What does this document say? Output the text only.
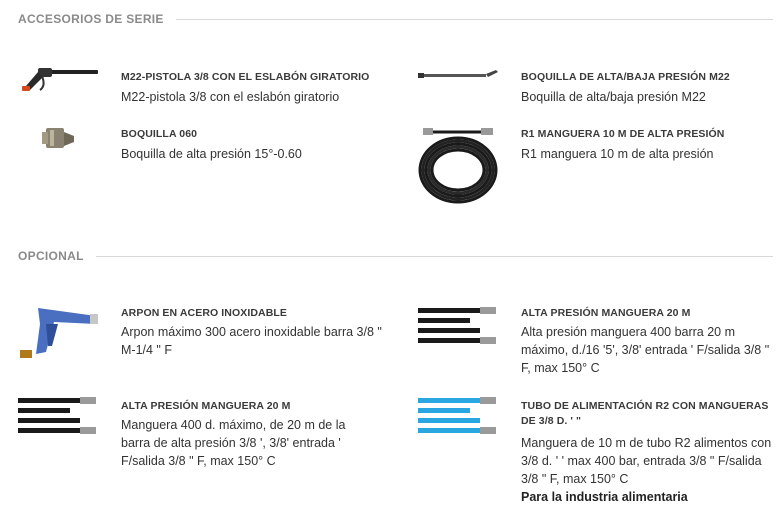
ACCESORIOS DE SERIE
OPCIONAL
M22-PISTOLA 3/8 CON EL ESLABÓN GIRATORIO
M22-pistola 3/8 con el eslabón giratorio
BOQUILLA DE ALTA/BAJA PRESIÓN M22
Boquilla de alta/baja presión M22
BOQUILLA 060
Boquilla de alta presión 15°-0.60
R1 MANGUERA 10 M DE ALTA PRESIÓN
R1 manguera 10 m de alta presión
ARPON EN ACERO INOXIDABLE
Arpon máximo 300 acero inoxidable barra 3/8 " M-1/4 " F
ALTA PRESIÓN MANGUERA 20 M
Alta presión manguera 400 barra 20 m máximo, d./16 '5', 3/8' entrada ' F/salida 3/8 " F, max 150° C
ALTA PRESIÓN MANGUERA 20 M
Manguera 400 d. máximo, de 20 m de la barra de alta presión 3/8 ', 3/8' entrada ' F/salida 3/8 " F, max 150° C
TUBO DE ALIMENTACIÓN R2 CON MANGUERAS DE 3/8 D. ' "
Manguera de 10 m de tubo R2 alimentos con 3/8 d. ' ' max 400 bar, entrada 3/8 " F/salida 3/8 " F, max 150° C
Para la industria alimentaria
